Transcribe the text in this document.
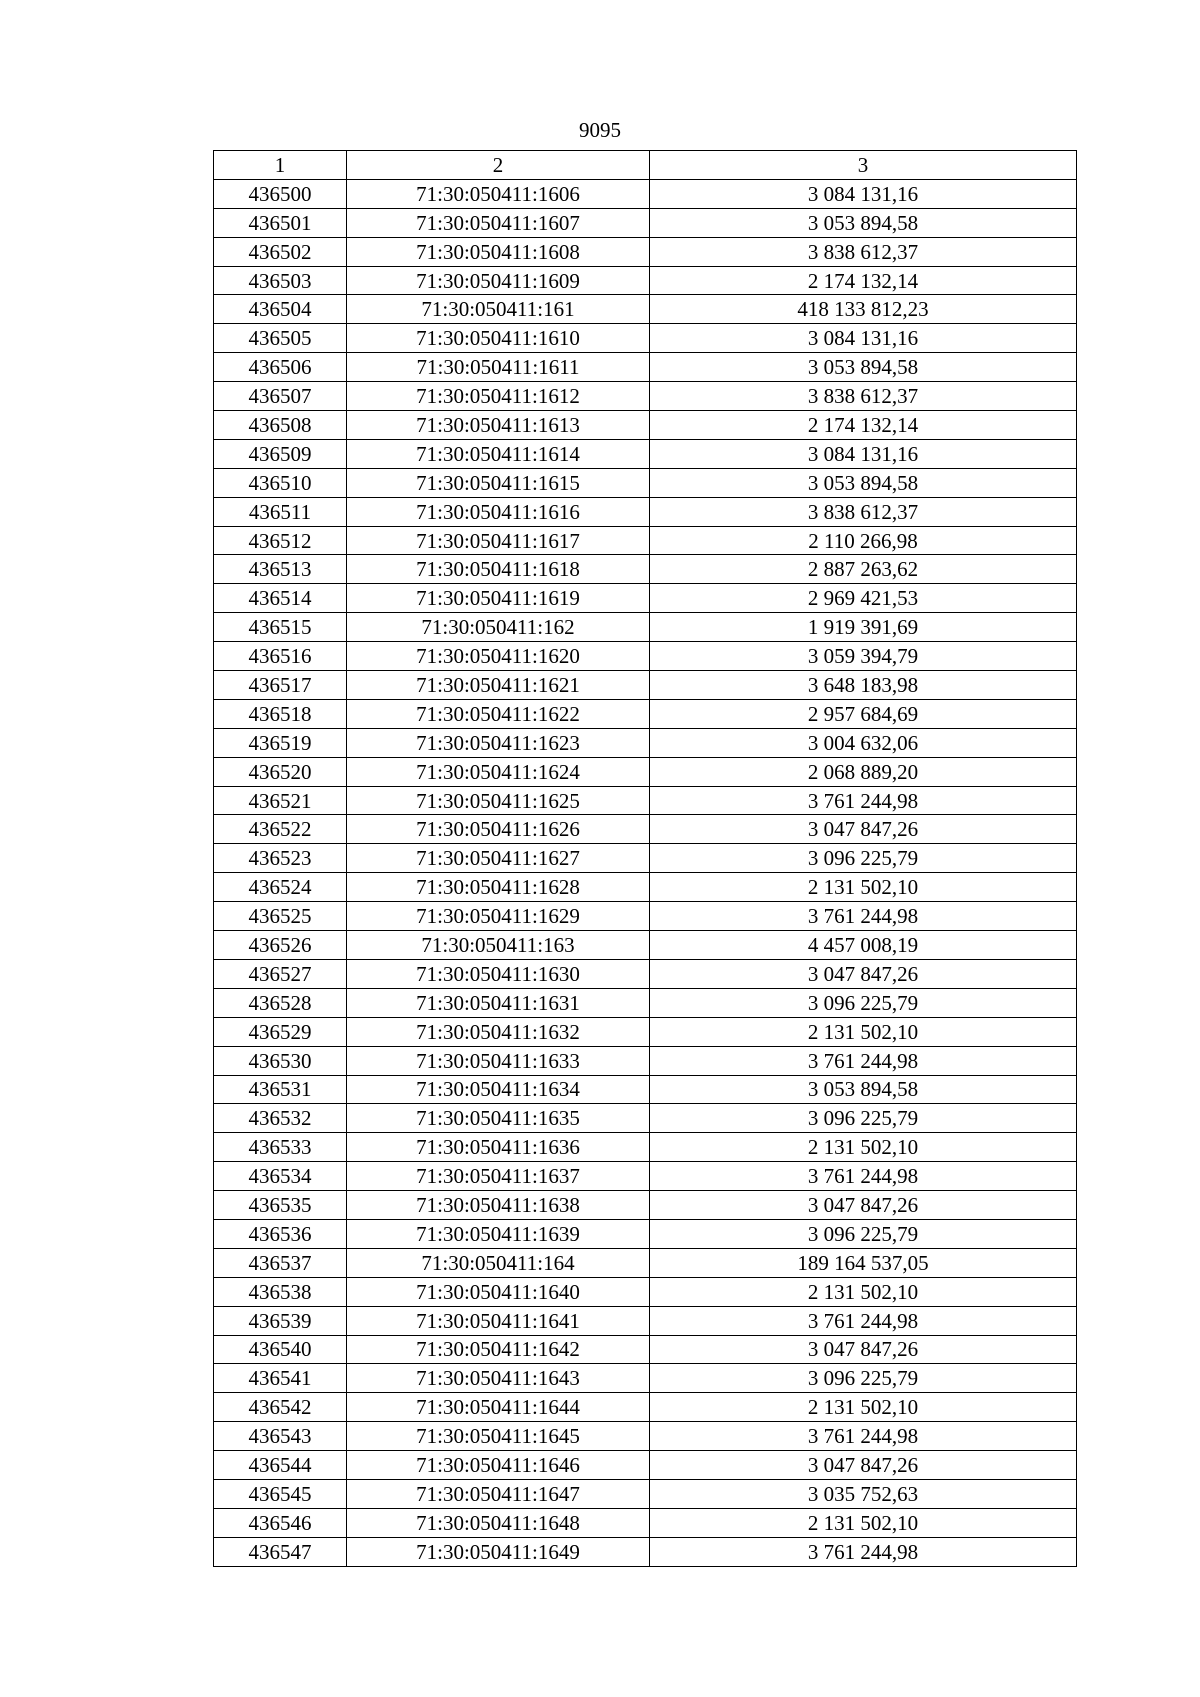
9095
1	2	3
436500	71:30:050411:1606	3 084 131,16
436501	71:30:050411:1607	3 053 894,58
436502	71:30:050411:1608	3 838 612,37
436503	71:30:050411:1609	2 174 132,14
436504	71:30:050411:161	418 133 812,23
436505	71:30:050411:1610	3 084 131,16
436506	71:30:050411:1611	3 053 894,58
436507	71:30:050411:1612	3 838 612,37
436508	71:30:050411:1613	2 174 132,14
436509	71:30:050411:1614	3 084 131,16
436510	71:30:050411:1615	3 053 894,58
436511	71:30:050411:1616	3 838 612,37
436512	71:30:050411:1617	2 110 266,98
436513	71:30:050411:1618	2 887 263,62
436514	71:30:050411:1619	2 969 421,53
436515	71:30:050411:162	1 919 391,69
436516	71:30:050411:1620	3 059 394,79
436517	71:30:050411:1621	3 648 183,98
436518	71:30:050411:1622	2 957 684,69
436519	71:30:050411:1623	3 004 632,06
436520	71:30:050411:1624	2 068 889,20
436521	71:30:050411:1625	3 761 244,98
436522	71:30:050411:1626	3 047 847,26
436523	71:30:050411:1627	3 096 225,79
436524	71:30:050411:1628	2 131 502,10
436525	71:30:050411:1629	3 761 244,98
436526	71:30:050411:163	4 457 008,19
436527	71:30:050411:1630	3 047 847,26
436528	71:30:050411:1631	3 096 225,79
436529	71:30:050411:1632	2 131 502,10
436530	71:30:050411:1633	3 761 244,98
436531	71:30:050411:1634	3 053 894,58
436532	71:30:050411:1635	3 096 225,79
436533	71:30:050411:1636	2 131 502,10
436534	71:30:050411:1637	3 761 244,98
436535	71:30:050411:1638	3 047 847,26
436536	71:30:050411:1639	3 096 225,79
436537	71:30:050411:164	189 164 537,05
436538	71:30:050411:1640	2 131 502,10
436539	71:30:050411:1641	3 761 244,98
436540	71:30:050411:1642	3 047 847,26
436541	71:30:050411:1643	3 096 225,79
436542	71:30:050411:1644	2 131 502,10
436543	71:30:050411:1645	3 761 244,98
436544	71:30:050411:1646	3 047 847,26
436545	71:30:050411:1647	3 035 752,63
436546	71:30:050411:1648	2 131 502,10
436547	71:30:050411:1649	3 761 244,98
